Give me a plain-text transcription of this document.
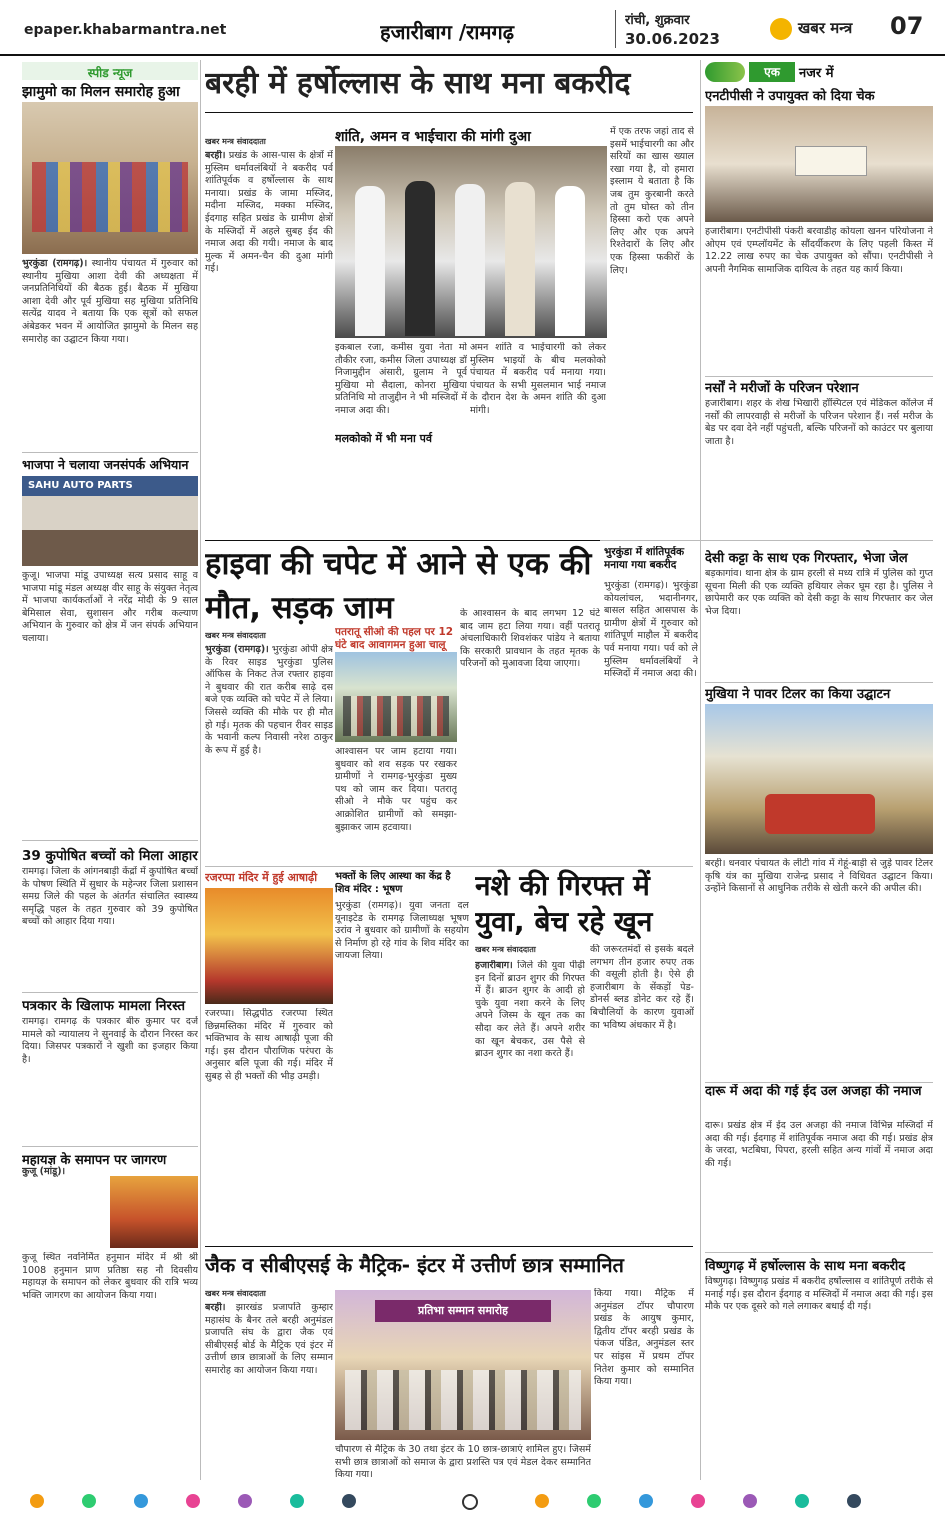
epaper.khabarmantra.net	हजारीबाग /रामगढ़	रांची, शुक्रवार
30.06.2023
खबर मन्त्र 07
स्पीड न्यूज
झामुमो का मिलन समारोह हुआ
भुरकुंडा (रामगढ़)। स्थानीय पंचायत में गुरुवार को स्थानीय मुखिया आशा देवी की अध्यक्षता में जनप्रतिनिधियों की बैठक हुई। बैठक में मुखिया आशा देवी और पूर्व मुखिया सह मुखिया प्रतिनिधि सत्येंद्र यादव ने बताया कि एक सूत्रों को सफल अंबेडकर भवन में आयोजित झामुमो के मिलन सह समारोह का उद्घाटन किया गया।
भाजपा ने चलाया जनसंपर्क अभियान
SAHU AUTO PARTS
कुजू। भाजपा मांडू उपाध्यक्ष सत्य प्रसाद साहू व भाजपा मांडू मंडल अध्यक्ष वीर साहू के संयुक्त नेतृत्व में भाजपा कार्यकर्ताओं ने नरेंद्र मोदी के 9 साल बेमिसाल सेवा, सुशासन और गरीब कल्याण अभियान के गुरुवार को क्षेत्र में जन संपर्क अभियान चलाया।
39 कुपोषित बच्चों को मिला आहार
रामगढ़। जिला के आंगनबाड़ी केंद्रों में कुपोषित बच्चों के पोषण स्थिति में सुधार के महेन्जर जिला प्रशासन समग्र जिले की पहल के अंतर्गत संचालित स्वास्थ्य समृद्धि पहल के तहत गुरुवार को 39 कुपोषित बच्चों को आहार दिया गया।
पत्रकार के खिलाफ मामला निरस्त
रामगढ़। रामगढ़ के पत्रकार बीरु कुमार पर दर्ज मामले को न्यायालय ने सुनवाई के दौरान निरस्त कर दिया। जिसपर पत्रकारों ने खुशी का इजहार किया है।
महायज्ञ के समापन पर जागरण
कुजू (मांडू)।
कुजू स्थित नवनिर्मित हनुमान मंदिर में श्री श्री 1008 हनुमान प्राण प्रतिष्ठा सह नौ दिवसीय महायज्ञ के समापन को लेकर बुधवार की रात्रि भव्य भक्ति जागरण का आयोजन किया गया।
बरही में हर्षोल्लास के साथ मना बकरीद
खबर मन्त्र संवाददाता
बरही। प्रखंड के आस-पास के क्षेत्रों में मुस्लिम धर्मावलंबियों ने बकरीद पर्व शांतिपूर्वक व हर्षोल्लास के साथ मनाया। प्रखंड के जामा मस्जिद, मदीना मस्जिद, मक्का मस्जिद, ईदगाह सहित प्रखंड के ग्रामीण क्षेत्रों के मस्जिदों में अहले सुबह ईद की नमाज अदा की गयी। नमाज के बाद मुल्क में अमन-चैन की दुआ मांगी गई।
शांति, अमन व भाईचारा की मांगी दुआ
इकबाल रजा, कमीस युवा नेता मो तौकीर रजा, कमीस जिला उपाध्यक्ष डॉ निजामुद्दीन अंसारी, ग्रुलाम ने पूर्व मुखिया मो सैदाला, कोनरा मुखिया प्रतिनिधि मो ताजुद्दीन ने भी मस्जिदों में नमाज अदा की।
मलकोको में भी मना पर्व
अमन शांति व भाईचारगी को लेकर मुस्लिम भाइयों के बीच मलकोको पंचायत में बकरीद पर्व मनाया गया। पंचायत के सभी मुसलमान भाई नमाज के दौरान देश के अमन शांति की दुआ मांगी।
में एक तरफ जहां ताद से इसमें भाईचारगी का और सरियों का खास ख्याल रखा गया है, वो हमारा इस्लाम ये बताता है कि जब तुम कुरबानी करते तो तुम घोस्त को तीन हिस्सा करो एक अपने लिए और एक अपने रिश्तेदारों के लिए और एक हिस्सा फकीरों के लिए।
हाइवा की चपेट में आने से एक की मौत, सड़क जाम
खबर मन्त्र संवाददाता
भुरकुंडा (रामगढ़)। भुरकुंडा ओपी क्षेत्र के रिवर साइड भुरकुंडा पुलिस ऑफिस के निकट तेज रफ्तार हाइवा ने बुधवार की रात करीब साढ़े दस बजे एक व्यक्ति को चपेट में ले लिया। जिससे व्यक्ति की मौके पर ही मौत हो गई। मृतक की पहचान रीवर साइड के भवानी कल्प निवासी नरेश ठाकुर के रूप में हुई है।
पतरातू सीओ की पहल पर 12 घंटे बाद आवागमन हुआ चालू
आश्वासन पर जाम हटाया गया। बुधवार को शव सड़क पर रखकर ग्रामीणों ने रामगढ़-भुरकुंडा मुख्य पथ को जाम कर दिया। पतरातू सीओ ने मौके पर पहुंच कर आक्रोशित ग्रामीणों को समझा-बुझाकर जाम हटवाया।
के आश्वासन के बाद लगभग 12 घंटे बाद जाम हटा लिया गया। वहीं पतरातू अंचलाधिकारी शिवशंकर पांडेय ने बताया कि सरकारी प्रावधान के तहत मृतक के परिजनों को मुआवजा दिया जाएगा।
रजरप्पा मंदिर में हुई आषाढ़ी
रजरप्पा। सिद्धपीठ रजरप्पा स्थित छिन्नमस्तिका मंदिर में गुरुवार को भक्तिभाव के साथ आषाढ़ी पूजा की गई। इस दौरान पौराणिक परंपरा के अनुसार बलि पूजा की गई। मंदिर में सुबह से ही भक्तों की भीड़ उमड़ी।
भक्तों के लिए आस्था का केंद्र है शिव मंदिर : भूषण
भुरकुंडा (रामगढ़)। युवा जनता दल यूनाइटेड के रामगढ़ जिलाध्यक्ष भूषण उरांव ने बुधवार को ग्रामीणों के सहयोग से निर्माण हो रहे गांव के शिव मंदिर का जायजा लिया।
नशे की गिरफ्त में युवा, बेच रहे खून
खबर मन्त्र संवाददाता
हजारीबाग। जिले की युवा पीढ़ी इन दिनों ब्राउन शुगर की गिरफ्त में हैं। ब्राउन शुगर के आदी हो चुके युवा नशा करने के लिए अपने जिस्म के खून तक का सौदा कर लेते हैं। अपने शरीर का खून बेचकर, उस पैसे से ब्राउन शुगर का नशा करते हैं।
की जरूरतमंदों से इसके बदले लगभग तीन हजार रुपए तक की वसूली होती है। ऐसे ही हजारीबाग के सेंकड़ों पेड-डोनर्स ब्लड डोनेट कर रहे हैं। बिचौलियों के कारण युवाओं का भविष्य अंधकार में है।
जैक व सीबीएसई के मैट्रिक- इंटर में उत्तीर्ण छात्र सम्मानित
खबर मन्त्र संवाददाता
बरही। झारखंड प्रजापति कुम्हार महासंघ के बैनर तले बरही अनुमंडल प्रजापति संघ के द्वारा जैक एवं सीबीएसई बोर्ड के मैट्रिक एवं इंटर में उत्तीर्ण छात्र छात्राओं के लिए सम्मान समारोह का आयोजन किया गया।
प्रतिभा सम्मान समारोह
चौपारण से मैट्रिक के 30 तथा इंटर के 10 छात्र-छात्राएं शामिल हुए। जिसमें सभी छात्र छात्राओं को समाज के द्वारा प्रशस्ति पत्र एवं मेडल देकर सम्मानित किया गया।
किया गया। मैट्रिक में अनुमंडल टॉपर चौपारण प्रखंड के आयुष कुमार, द्वितीय टॉपर बरही प्रखंड के पंकज पंडित, अनुमंडल स्तर पर सांइस में प्रथम टॉपर नितेश कुमार को सम्मानित किया गया।
एक	नजर में
एनटीपीसी ने उपायुक्त को दिया चेक
हजारीबाग। एनटीपीसी पंकरी बरवाडीह कोयला खनन परियोजना ने ओएम एवं एम्प्लॉयमेंट के सौंदर्यीकरण के लिए पहली किस्त में 12.22 लाख रुपए का चेक उपायुक्त को सौंपा। एनटीपीसी ने अपनी नैगमिक सामाजिक दायित्व के तहत यह कार्य किया।
नर्सों ने मरीजों के परिजन परेशान
हजारीबाग। शहर के शेख भिखारी हॉस्पिटल एवं मेडिकल कॉलेज में नर्सों की लापरवाही से मरीजों के परिजन परेशान हैं। नर्स मरीज के बेड पर दवा देने नहीं पहुंचती, बल्कि परिजनों को काउंटर पर बुलाया जाता है।
भुरकुंडा में शांतिपूर्वक मनाया गया बकरीद
भुरकुंडा (रामगढ़)। भुरकुंडा कोयलांचल, भदानीनगर, बासल सहित आसपास के ग्रामीण क्षेत्रों में गुरुवार को शांतिपूर्ण माहौल में बकरीद पर्व मनाया गया। पर्व को ले मुस्लिम धर्मावलंबियों ने मस्जिदों में नमाज अदा की।
देसी कट्टा के साथ एक गिरफ्तार, भेजा जेल
बड़कागांव। थाना क्षेत्र के ग्राम हरली से मध्य रात्रि में पुलिस को गुप्त सूचना मिली की एक व्यक्ति हथियार लेकर घूम रहा है। पुलिस ने छापेमारी कर एक व्यक्ति को देसी कट्टा के साथ गिरफ्तार कर जेल भेज दिया।
मुखिया ने पावर टिलर का किया उद्घाटन
बरही। धनवार पंचायत के लीटी गांव में गेहूं-बाड़ी से जुड़े पावर टिलर कृषि यंत्र का मुखिया राजेन्द्र प्रसाद ने विधिवत उद्घाटन किया। उन्होंने किसानों से आधुनिक तरीके से खेती करने की अपील की।
दारू में अदा की गई ईद उल अजहा की नमाज
दारू। प्रखंड क्षेत्र में ईद उल अजहा की नमाज विभिन्न मस्जिदों में अदा की गई। ईदगाह में शांतिपूर्वक नमाज अदा की गई। प्रखंड क्षेत्र के जरदा, भटबिघा, पिपरा, हरली सहित अन्य गांवों में नमाज अदा की गई।
विष्णुगढ़ में हर्षोल्लास के साथ मना बकरीद
विष्णुगढ़। विष्णुगढ़ प्रखंड में बकरीद हर्षोल्लास व शांतिपूर्ण तरीके से मनाई गई। इस दौरान ईदगाह व मस्जिदों में नमाज अदा की गई। इस मौके पर एक दूसरे को गले लगाकर बधाई दी गई।
